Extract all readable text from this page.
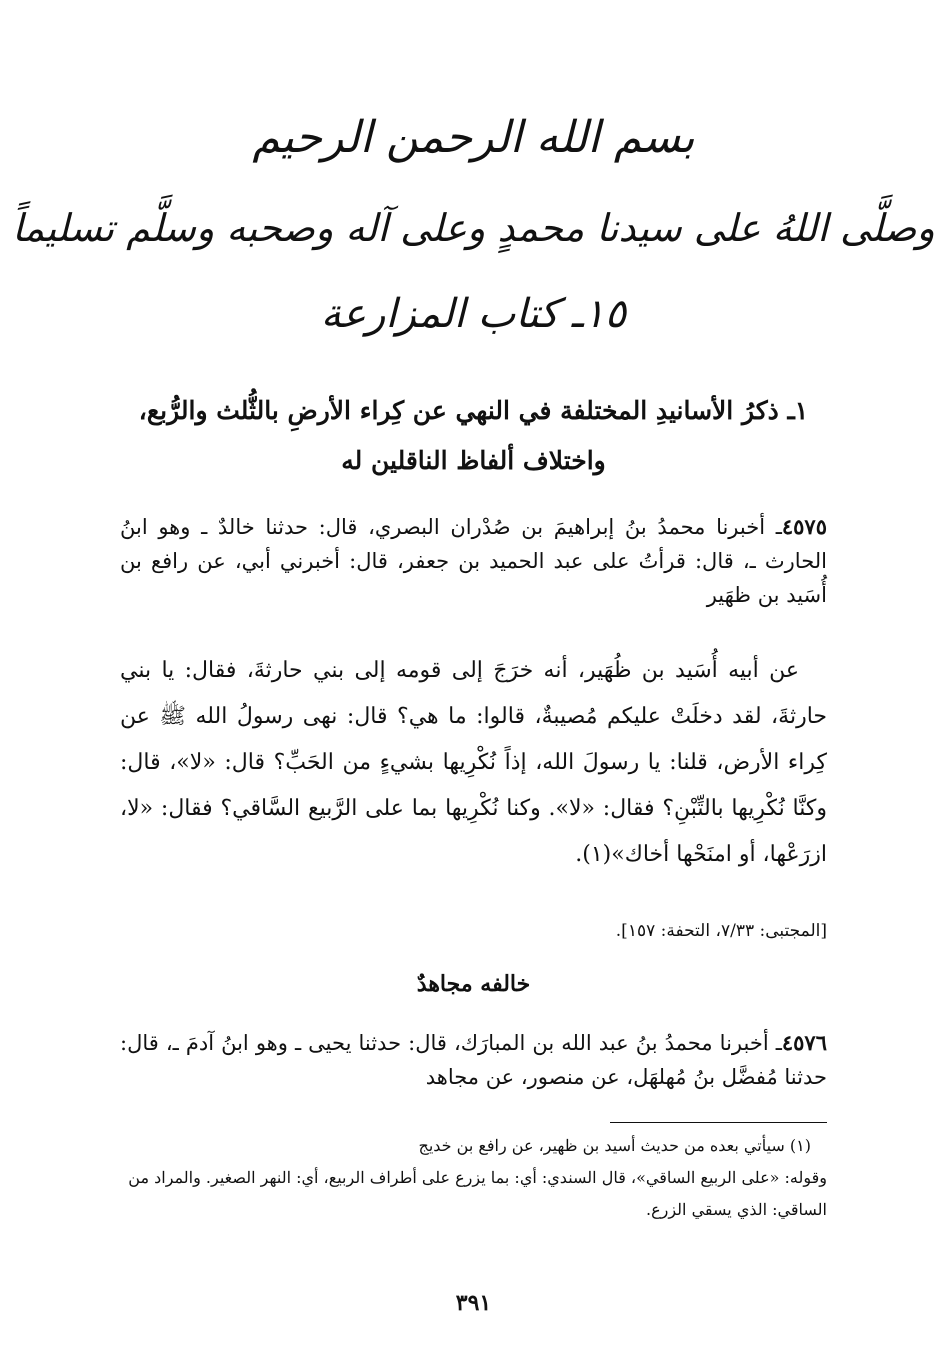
بسم الله الرحمن الرحيم
وصلَّى اللهُ على سيدنا محمدٍ وعلى آله وصحبه وسلَّم تسليماً
١٥ـ كتاب المزارعة
١ـ ذكرُ الأسانيدِ المختلفة في النهي عن كِراء الأرضِ بالثُّلث والرُّبع،
واختلاف ألفاظ الناقلين له
٤٥٧٥ـ أخبرنا محمدُ بنُ إبراهيمَ بن صُدْران البصري، قال: حدثنا خالدٌ ـ وهو ابنُ الحارث ـ، قال: قرأتُ على عبد الحميد بن جعفر، قال: أخبرني أبي، عن رافع بن أُسَيد بن ظهَير
عن أبيه أُسَيد بن ظُهَير، أنه خرَجَ إلى قومه إلى بني حارثةَ، فقال: يا بني حارثةَ، لقد دخلَتْ عليكم مُصيبةٌ، قالوا: ما هي؟ قال: نهى رسولُ الله ﷺ عن كِراء الأرض، قلنا: يا رسولَ الله، إذاً نُكْرِيها بشيءٍ من الحَبِّ؟ قال: «لا»، قال: وكنَّا نُكْرِيها بالتِّبْنِ؟ فقال: «لا». وكنا نُكْرِيها بما على الرَّبيع السَّاقي؟ فقال: «لا، ازرَعْها، أو امنَحْها أخاك»(١).
[المجتبى: ٧/٣٣، التحفة: ١٥٧].
خالفه مجاهدٌ
٤٥٧٦ـ أخبرنا محمدُ بنُ عبد الله بن المبارَك، قال: حدثنا يحيى ـ وهو ابنُ آدمَ ـ، قال: حدثنا مُفضَّل بنُ مُهلهَل، عن منصور، عن مجاهد

(١) سيأتي بعده من حديث أسيد بن ظهير، عن رافع بن خديج

وقوله: «على الربيع الساقي»، قال السندي: أي: بما يزرع على أطراف الربيع، أي: النهر الصغير. والمراد من الساقي: الذي يسقي الزرع.

٣٩١
